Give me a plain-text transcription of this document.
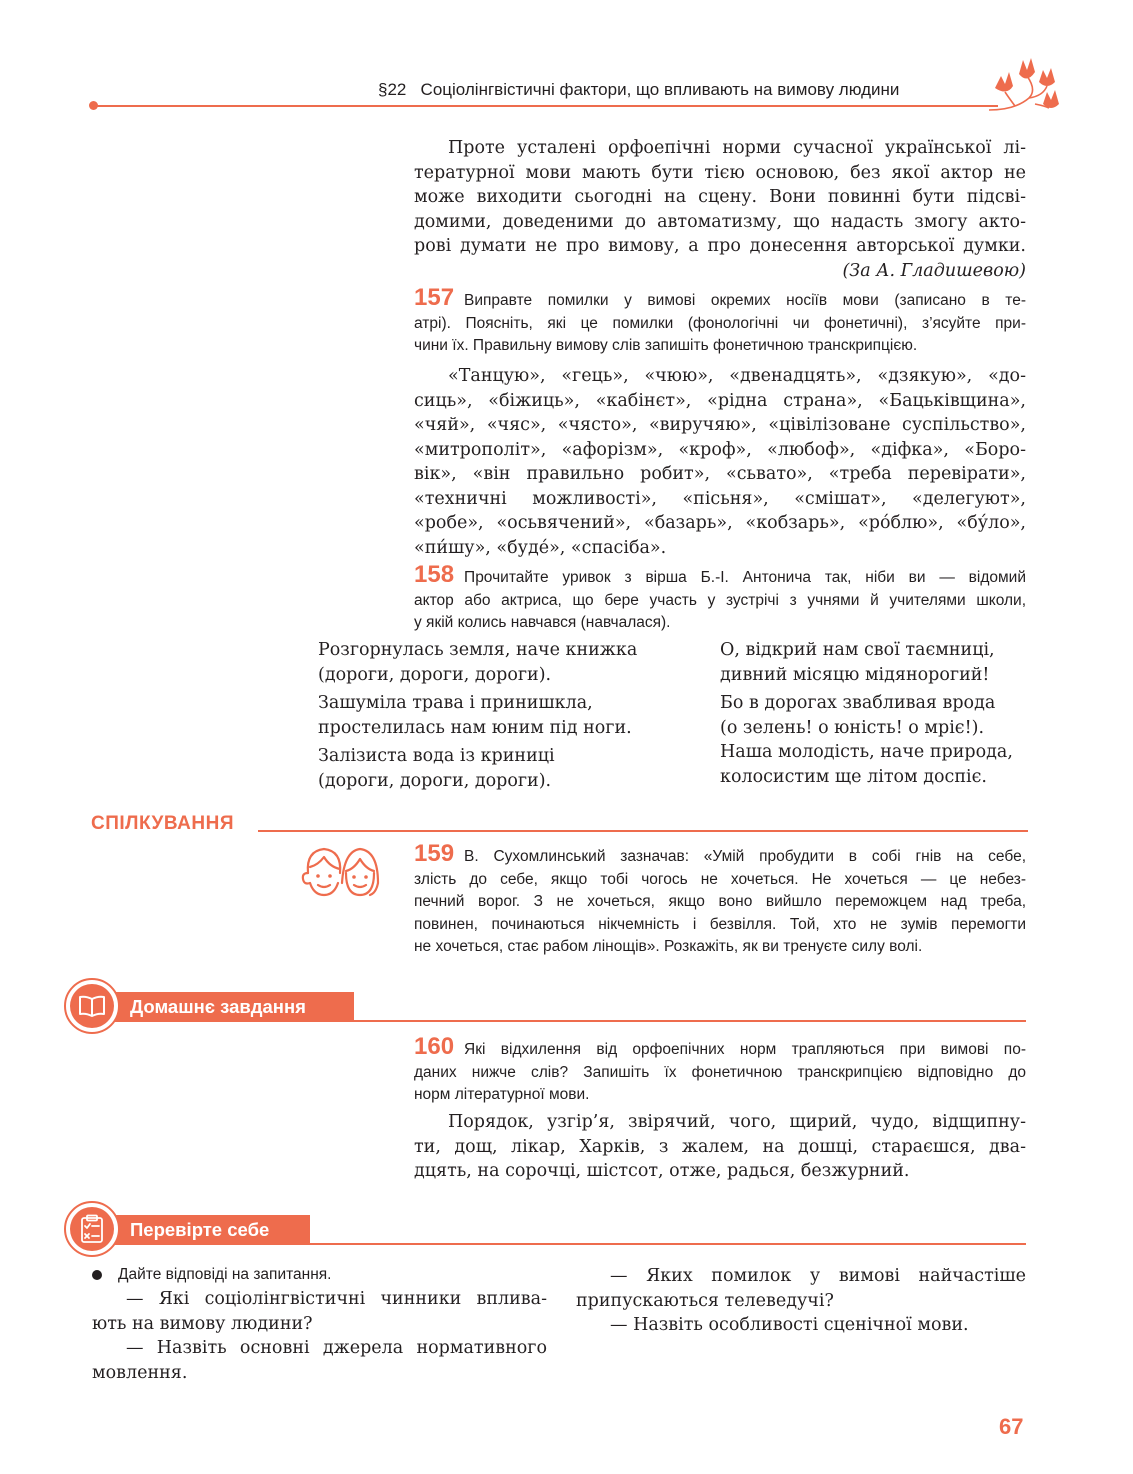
§22 Соціолінгвістичні фактори, що впливають на вимову людини
Проте усталені орфоепічні норми сучасної української лі-
тературної мови мають бути тією основою, без якої актор не
може виходити сьогодні на сцену. Вони повинні бути підсві-
домими, доведеними до автоматизму, що надасть змогу акто-
рові думати не про вимову, а про донесення авторської думки.
(За А. Гладишевою)
157 Виправте помилки у вимові окремих носіїв мови (записано в те-
атрі). Поясніть, які це помилки (фонологічні чи фонетичні), з’ясуйте при-
чини їх. Правильну вимову слів запишіть фонетичною транскрипцією.
«Танцую», «гець», «чюю», «двенадцять», «дзякую», «до-
сиць», «біжиць», «кабінєт», «рідна страна», «Бацьківщина»,
«чяй», «чяс», «чясто», «виручяю», «цівілізоване суспільство»,
«митрополіт», «афорізм», «кроф», «любоф», «діфка», «Боро-
вік», «він правильно робит», «сьвато», «треба перевірати»,
«техничні можливості», «пісьня», «смішат», «делегуют»,
«робе», «осьвячений», «базарь», «кобзарь», «ро́блю», «бу́ло»,
«пи́шу», «буде́», «спасіба».
158 Прочитайте уривок з вірша Б.-І. Антонича так, ніби ви — відомий
актор або актриса, що бере участь у зустрічі з учнями й учителями школи,
у якій колись навчався (навчалася).
Розгорнулась земля, наче книжка
(дороги, дороги, дороги).
Зашуміла трава і принишкла,
простелилась нам юним під ноги.
Залізиста вода із криниці
(дороги, дороги, дороги).
О, відкрий нам свої таємниці,
дивний місяцю мідянорогий!
Бо в дорогах звабливая врода
(о зелень! о юність! о мріє!).
Наша молодість, наче природа,
колосистим ще літом доспіє.
СПІЛКУВАННЯ
159 В. Сухомлинський зазначав: «Умій пробудити в собі гнів на себе,
злість до себе, якщо тобі чогось не хочеться. Не хочеться — це небез-
печний ворог. З не хочеться, якщо воно вийшло переможцем над треба,
повинен, починаються нікчемність і безвілля. Той, хто не зумів перемогти
не хочеться, стає рабом лінощів». Розкажіть, як ви тренуєте силу волі.
Домашнє завдання
160 Які відхилення від орфоепічних норм трапляються при вимові по-
даних нижче слів? Запишіть їх фонетичною транскрипцією відповідно до
норм літературної мови.
Порядок, узгір’я, звірячий, чого, щирий, чудо, відщипну-
ти, дощ, лікар, Харків, з жалем, на дошці, стараєшся, два-
дцять, на сорочці, шістсот, отже, радься, безжурний.
Перевірте себе
Дайте відповіді на запитання.
— Які соціолінгвістичні чинники вплива-
ють на вимову людини?
— Назвіть основні джерела нормативного
мовлення.
— Яких помилок у вимові найчастіше
припускаються телеведучі?
— Назвіть особливості сценічної мови.
67
